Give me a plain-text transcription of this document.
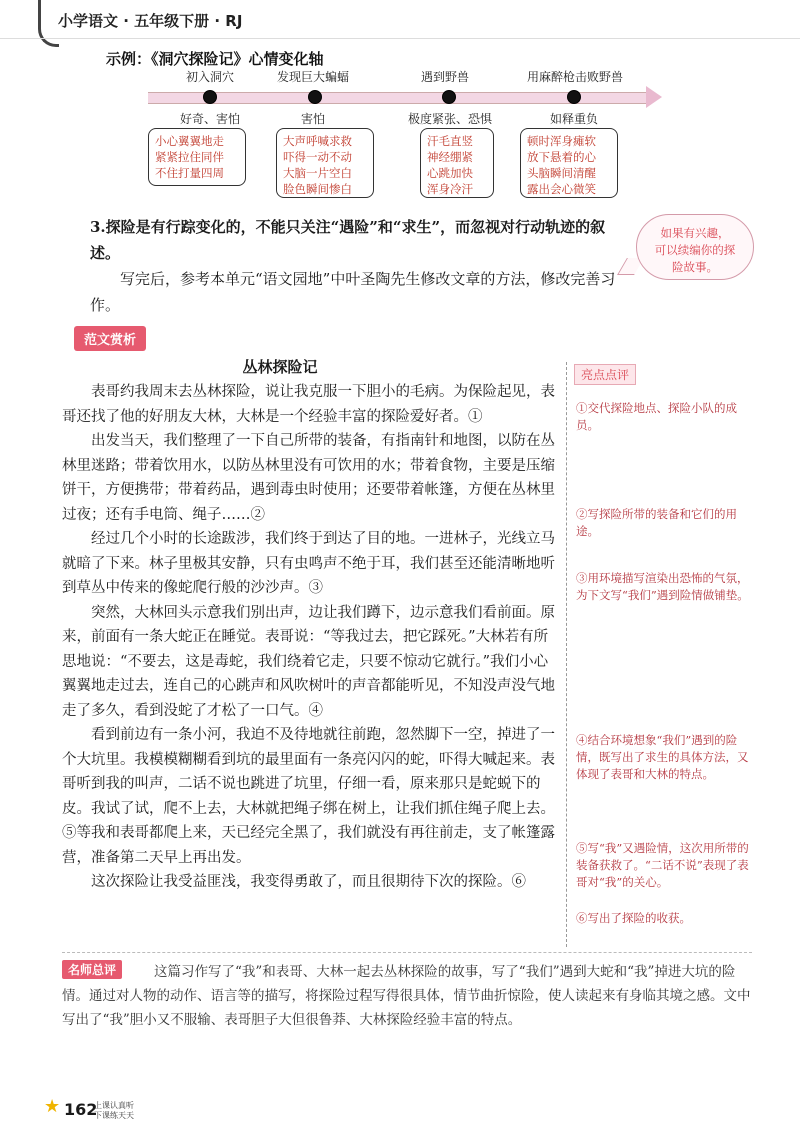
小学语文 · 五年级下册 · RJ
示例：《洞穴探险记》心情变化轴
初入洞穴	发现巨大蝙蝠	遇到野兽	用麻醉枪击败野兽
好奇、害怕	害怕	极度紧张、恐惧	如释重负
小心翼翼地走
紧紧拉住同伴
不住打量四周
大声呼喊求救
吓得一动不动
大脑一片空白
脸色瞬间惨白
汗毛直竖
神经绷紧
心跳加快
浑身冷汗
顿时浑身瘫软
放下悬着的心
头脑瞬间清醒
露出会心微笑
如果有兴趣，
可以续编你的探
险故事。
3.探险是有行踪变化的，不能只关注“遇险”和“求生”，而忽视对行动轨迹的叙述。
写完后，参考本单元“语文园地”中叶圣陶先生修改文章的方法，修改完善习作。
范文赏析
丛林探险记

表哥约我周末去丛林探险，说让我克服一下胆小的毛病。为保险起见，表哥还找了他的好朋友大林，大林是一个经验丰富的探险爱好者。①

出发当天，我们整理了一下自己所带的装备，有指南针和地图，以防在丛林里迷路；带着饮用水，以防丛林里没有可饮用的水；带着食物，主要是压缩饼干，方便携带；带着药品，遇到毒虫时使用；还要带着帐篷，方便在丛林里过夜；还有手电筒、绳子……②

经过几个小时的长途跋涉，我们终于到达了目的地。一进林子，光线立马就暗了下来。林子里极其安静，只有虫鸣声不绝于耳，我们甚至还能清晰地听到草丛中传来的像蛇爬行般的沙沙声。③

突然，大林回头示意我们别出声，边让我们蹲下，边示意我们看前面。原来，前面有一条大蛇正在睡觉。表哥说：“等我过去，把它踩死。”大林若有所思地说：“不要去，这是毒蛇，我们绕着它走，只要不惊动它就行。”我们小心翼翼地走过去，连自己的心跳声和风吹树叶的声音都能听见，不知没声没气地走了多久，看到没蛇了才松了一口气。④

看到前边有一条小河，我迫不及待地就往前跑，忽然脚下一空，掉进了一个大坑里。我模模糊糊看到坑的最里面有一条亮闪闪的蛇，吓得大喊起来。表哥听到我的叫声，二话不说也跳进了坑里，仔细一看，原来那只是蛇蜕下的皮。我试了试，爬不上去，大林就把绳子绑在树上，让我们抓住绳子爬上去。⑤等我和表哥都爬上来，天已经完全黑了，我们就没有再往前走，支了帐篷露营，准备第二天早上再出发。

这次探险让我受益匪浅，我变得勇敢了，而且很期待下次的探险。⑥

亮点点评
①交代探险地点、探险小队的成员。
②写探险所带的装备和它们的用途。
③用环境描写渲染出恐怖的气氛，为下文写“我们”遇到险情做铺垫。
④结合环境想象“我们”遇到的险情，既写出了求生的具体方法，又体现了表哥和大林的特点。
⑤写“我”又遇险情，这次用所带的装备获救了。“二话不说”表现了表哥对“我”的关心。
⑥写出了探险的收获。
这篇习作写了“我”和表哥、大林一起去丛林探险的故事，写了“我们”遇到大蛇和“我”掉进大坑的险情。通过对人物的动作、语言等的描写，将探险过程写得很具体，情节曲折惊险，使人读起来有身临其境之感。文中写出了“我”胆小又不服输、表哥胆子大但很鲁莽、大林探险经验丰富的特点。
名师总评
★ 162
上课认真听 下课练天天
